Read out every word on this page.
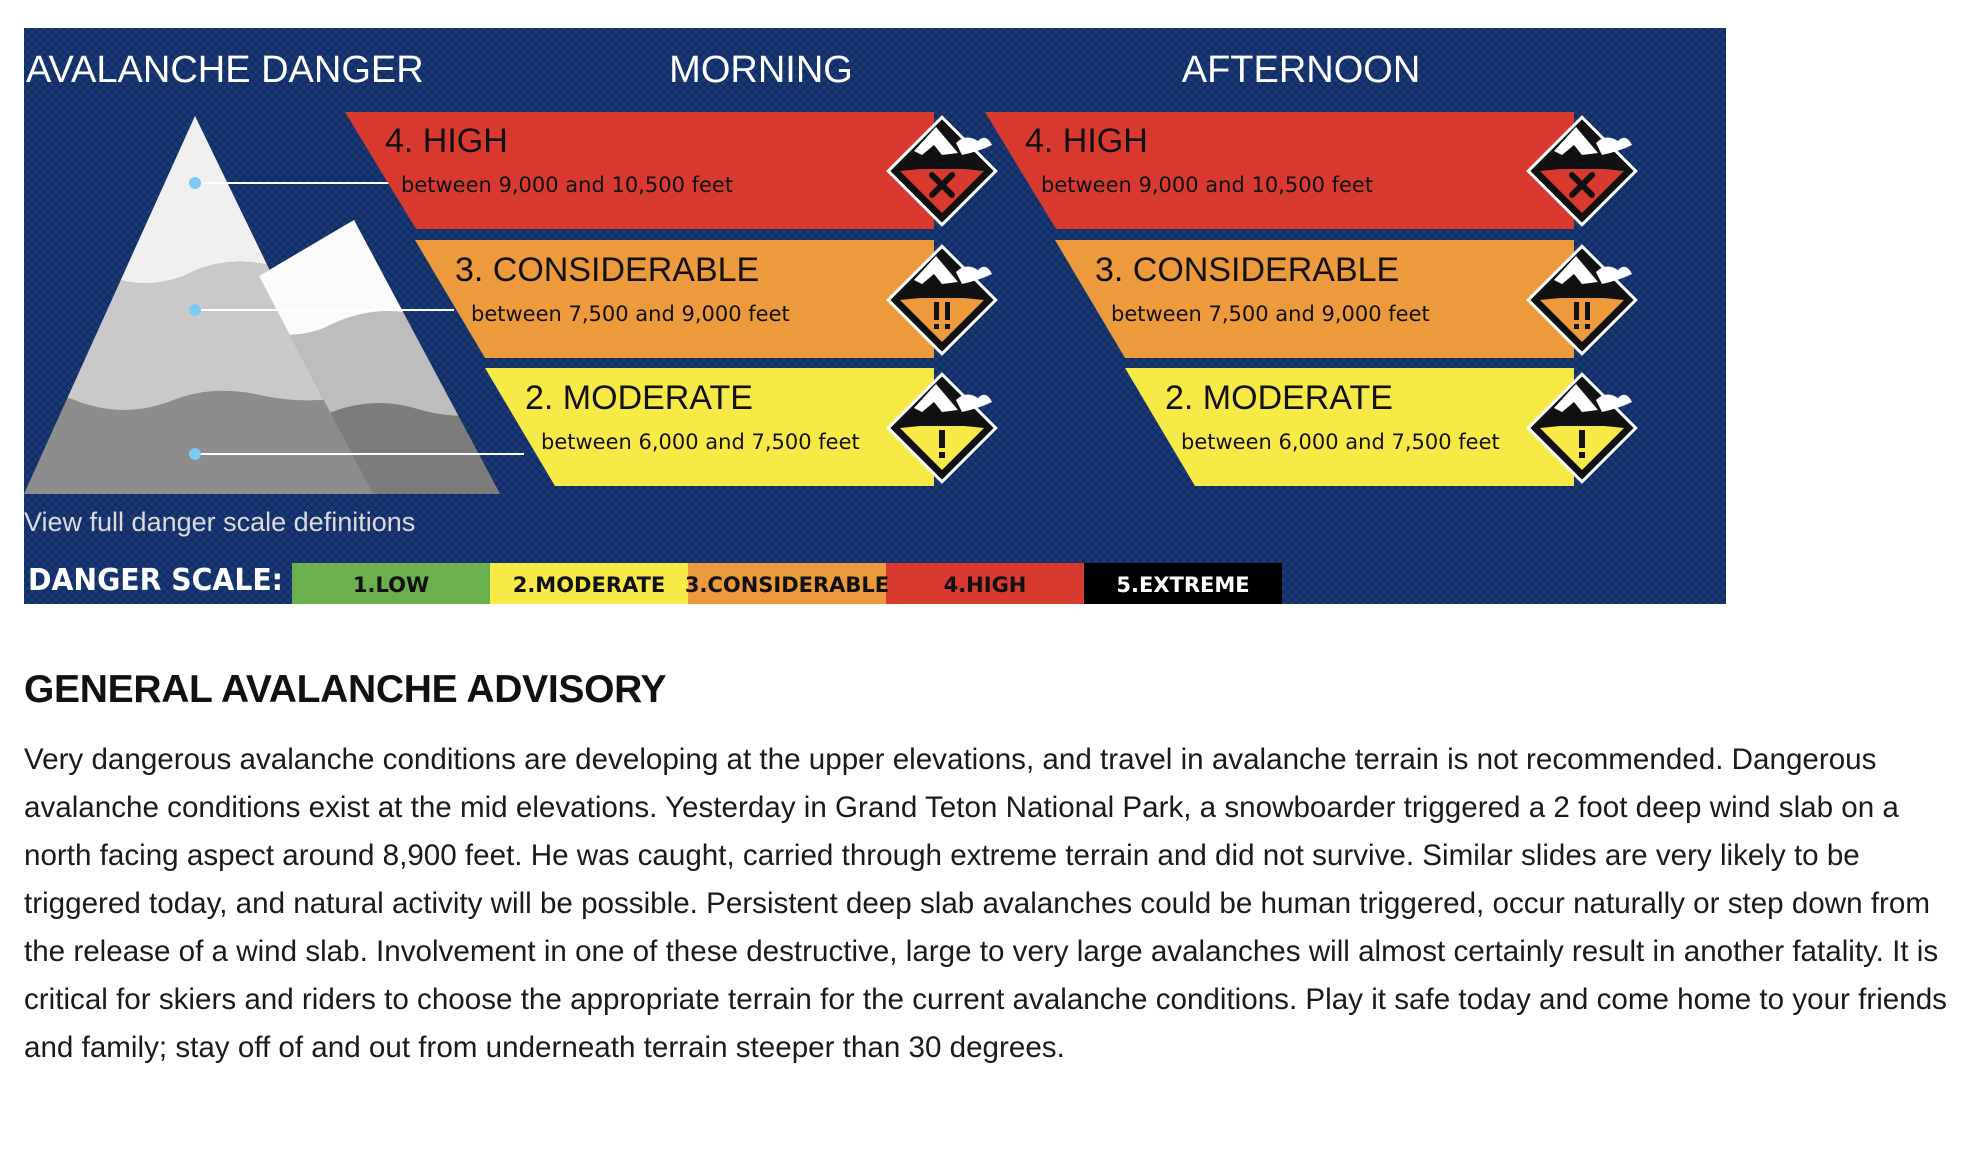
AVALANCHE DANGER	MORNING	AFTERNOON
4. HIGH
between 9,000 and 10,500 feet
3. CONSIDERABLE
between 7,500 and 9,000 feet
2. MODERATE
between 6,000 and 7,500 feet
4. HIGH
between 9,000 and 10,500 feet
3. CONSIDERABLE
between 7,500 and 9,000 feet
2. MODERATE
between 6,000 and 7,500 feet
View full danger scale definitions
DANGER SCALE:	1.LOW	2.MODERATE 3.CONSIDERABLE	4.HIGH	5.EXTREME
GENERAL AVALANCHE ADVISORY

Very dangerous avalanche conditions are developing at the upper elevations, and travel in avalanche terrain is not recommended. Dangerous avalanche conditions exist at the mid elevations. Yesterday in Grand Teton National Park, a snowboarder triggered a 2 foot deep wind slab on a north facing aspect around 8,900 feet. He was caught, carried through extreme terrain and did not survive. Similar slides are very likely to be triggered today, and natural activity will be possible. Persistent deep slab avalanches could be human triggered, occur naturally or step down from the release of a wind slab. Involvement in one of these destructive, large to very large avalanches will almost certainly result in another fatality. It is critical for skiers and riders to choose the appropriate terrain for the current avalanche conditions. Play it safe today and come home to your friends and family; stay off of and out from underneath terrain steeper than 30 degrees.
